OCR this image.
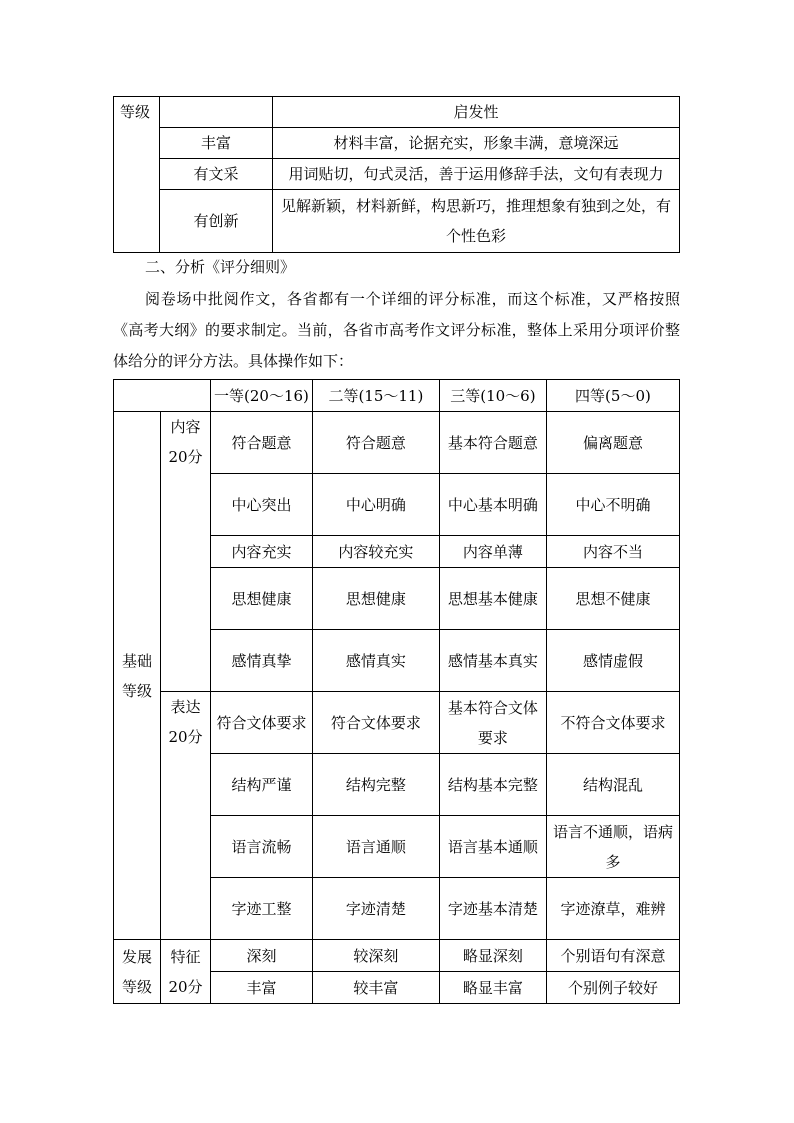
等级		启发性
	丰富	材料丰富，论据充实，形象丰满，意境深远
	有文采	用词贴切，句式灵活，善于运用修辞手法，文句有表现力
	有创新	见解新颖，材料新鲜，构思新巧，推理想象有独到之处，有个性色彩
二、分析《评分细则》
阅卷场中批阅作文，各省都有一个详细的评分标准，而这个标准，又严格按照《高考大纲》的要求制定。当前，各省市高考作文评分标准，整体上采用分项评价整体给分的评分方法。具体操作如下：
		一等(20～16)	二等(15～11)	三等(10～6)	四等(5～0)
基础等级	内容20分	符合题意	符合题意	基本符合题意	偏离题意
		中心突出	中心明确	中心基本明确	中心不明确
		内容充实	内容较充实	内容单薄	内容不当
		思想健康	思想健康	思想基本健康	思想不健康
		感情真挚	感情真实	感情基本真实	感情虚假
	表达20分	符合文体要求	符合文体要求	基本符合文体要求	不符合文体要求
		结构严谨	结构完整	结构基本完整	结构混乱
		语言流畅	语言通顺	语言基本通顺	语言不通顺，语病多
		字迹工整	字迹清楚	字迹基本清楚	字迹潦草，难辨
发展等级	特征20分	深刻	较深刻	略显深刻	个别语句有深意
		丰富	较丰富	略显丰富	个别例子较好
